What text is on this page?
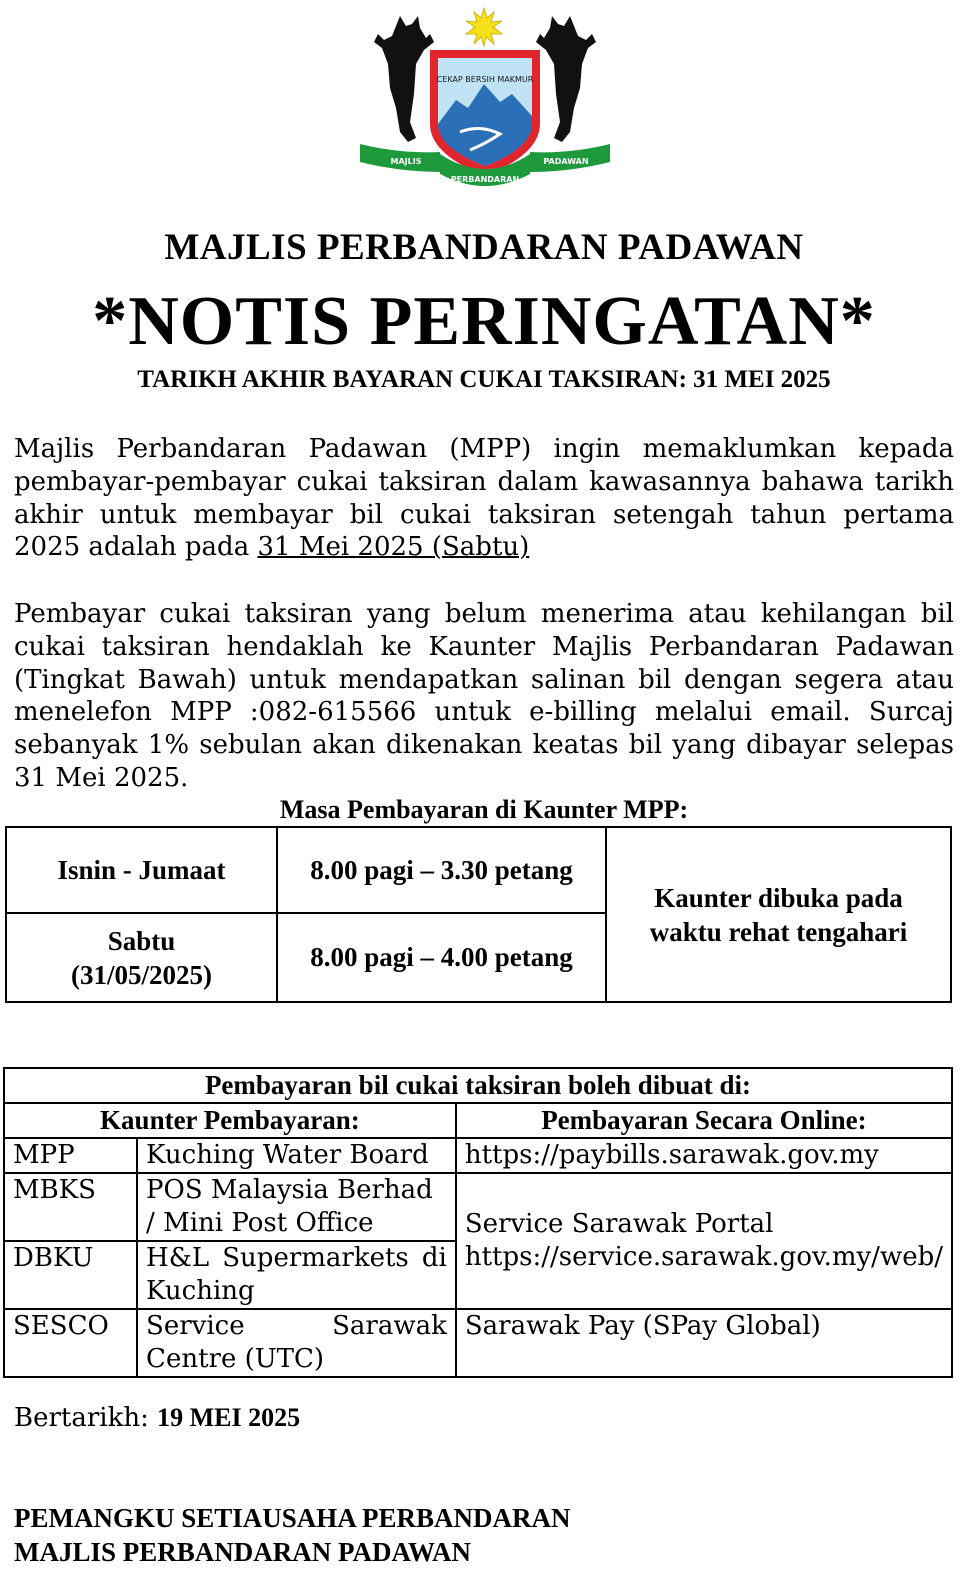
CEKAP BERSIH MAKMUR
MAJLIS
PERBANDARAN
PADAWAN
MAJLIS PERBANDARAN PADAWAN
*NOTIS PERINGATAN*
TARIKH AKHIR BAYARAN CUKAI TAKSIRAN: 31 MEI 2025
Majlis Perbandaran Padawan (MPP) ingin memaklumkan kepada pembayar-pembayar cukai taksiran dalam kawasannya bahawa tarikh akhir untuk membayar bil cukai taksiran setengah tahun pertama 2025 adalah pada 31 Mei 2025 (Sabtu)
Pembayar cukai taksiran yang belum menerima atau kehilangan bil cukai taksiran hendaklah ke Kaunter Majlis Perbandaran Padawan (Tingkat Bawah) untuk mendapatkan salinan bil dengan segera atau menelefon MPP :082-615566 untuk e-billing melalui email. Surcaj sebanyak 1% sebulan akan dikenakan keatas bil yang dibayar selepas 31 Mei 2025.
Masa Pembayaran di Kaunter MPP:
Isnin - Jumaat	8.00 pagi – 3.30 petang	Kaunter dibuka pada waktu rehat tengahari

Sabtu
(31/05/2025)	8.00 pagi – 4.00 petang	
Pembayaran bil cukai taksiran boleh dibuat di:		
Kaunter Pembayaran:		Pembayaran Secara Online:
MPP	Kuching Water Board	https://paybills.sarawak.gov.my
MBKS	POS Malaysia Berhad / Mini Post Office	Service Sarawak Portal
https://service.sarawak.gov.my/web/

DBKU	H&L Supermarkets di Kuching	
SESCO	Service Sarawak Centre (UTC)	Sarawak Pay (SPay Global)
Bertarikh: 19 MEI 2025
PEMANGKU SETIAUSAHA PERBANDARAN
MAJLIS PERBANDARAN PADAWAN
